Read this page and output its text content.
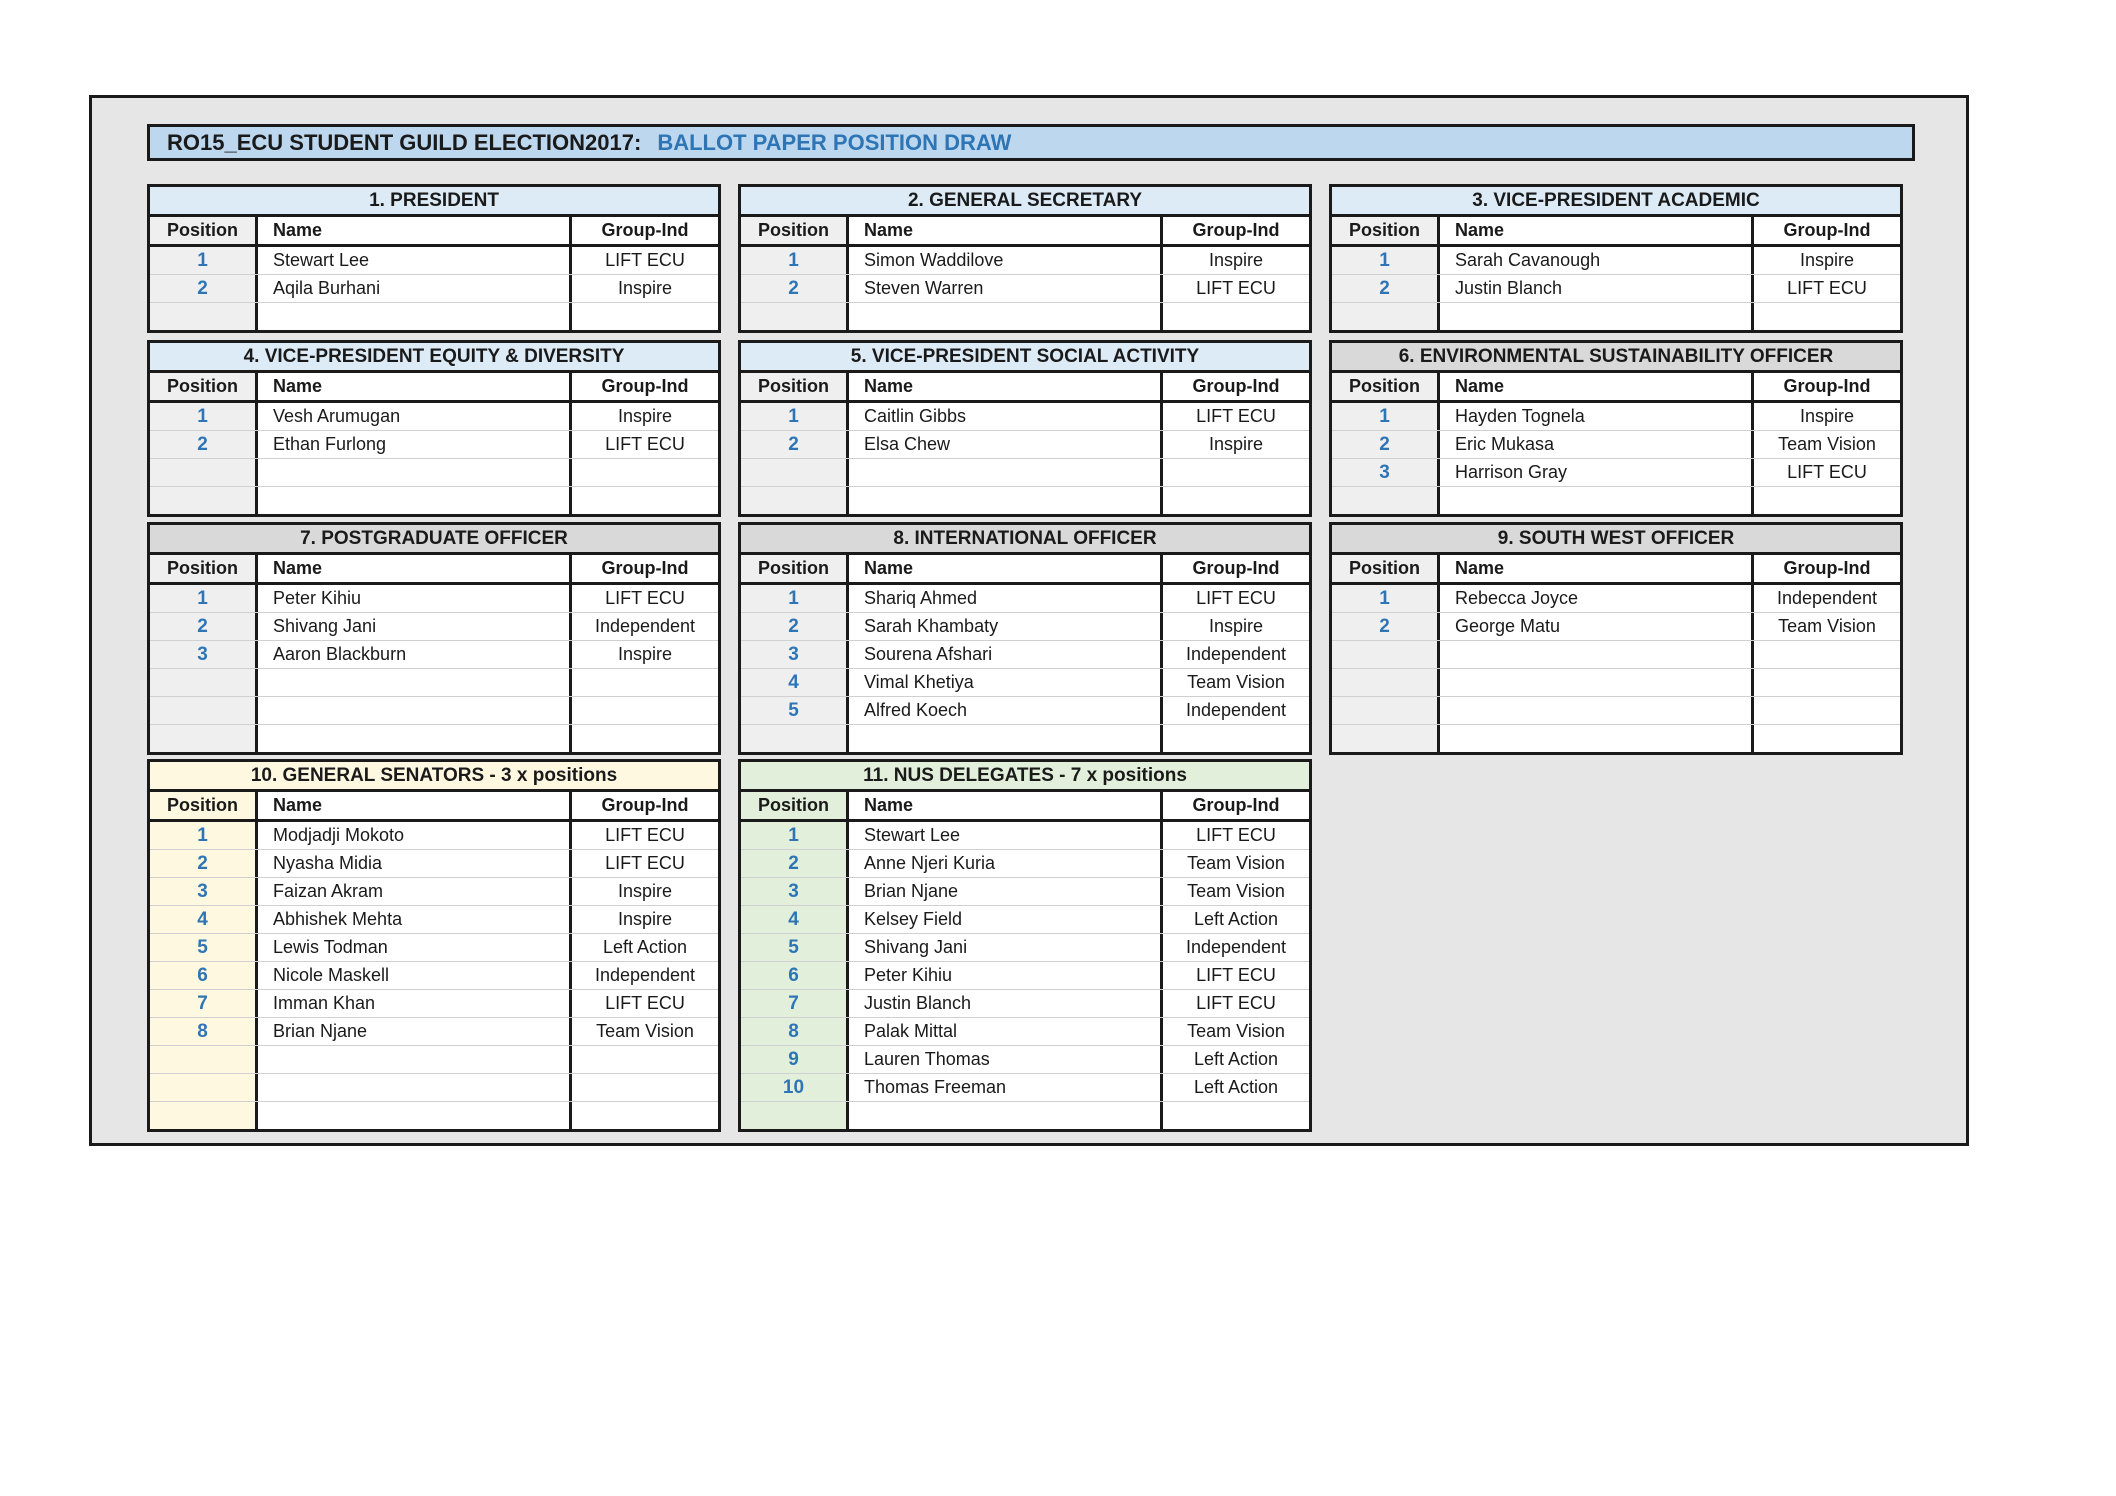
RO15_ECU STUDENT GUILD ELECTION2017: BALLOT PAPER POSITION DRAW
1. PRESIDENT
Position	Name	Group-Ind
1	Stewart Lee	LIFT ECU
2	Aqila Burhani	Inspire
2. GENERAL SECRETARY
Position	Name	Group-Ind
1	Simon Waddilove	Inspire
2	Steven Warren	LIFT ECU
3. VICE-PRESIDENT ACADEMIC
Position	Name	Group-Ind
1	Sarah Cavanough	Inspire
2	Justin Blanch	LIFT ECU
4. VICE-PRESIDENT EQUITY & DIVERSITY
Position	Name	Group-Ind
1	Vesh Arumugan	Inspire
2	Ethan Furlong	LIFT ECU
5. VICE-PRESIDENT SOCIAL ACTIVITY
Position	Name	Group-Ind
1	Caitlin Gibbs	LIFT ECU
2	Elsa Chew	Inspire
6. ENVIRONMENTAL SUSTAINABILITY OFFICER
Position	Name	Group-Ind
1	Hayden Tognela	Inspire
2	Eric Mukasa	Team Vision
3	Harrison Gray	LIFT ECU
7. POSTGRADUATE OFFICER
Position	Name	Group-Ind
1	Peter Kihiu	LIFT ECU
2	Shivang Jani	Independent
3	Aaron Blackburn	Inspire
8. INTERNATIONAL OFFICER
Position	Name	Group-Ind
1	Shariq Ahmed	LIFT ECU
2	Sarah Khambaty	Inspire
3	Sourena Afshari	Independent
4	Vimal Khetiya	Team Vision
5	Alfred Koech	Independent
9. SOUTH WEST OFFICER
Position	Name	Group-Ind
1	Rebecca Joyce	Independent
2	George Matu	Team Vision
10. GENERAL SENATORS - 3 x positions
Position	Name	Group-Ind
1	Modjadji Mokoto	LIFT ECU
2	Nyasha Midia	LIFT ECU
3	Faizan Akram	Inspire
4	Abhishek Mehta	Inspire
5	Lewis Todman	Left Action
6	Nicole Maskell	Independent
7	Imman Khan	LIFT ECU
8	Brian Njane	Team Vision
11. NUS DELEGATES - 7 x positions
Position	Name	Group-Ind
1	Stewart Lee	LIFT ECU
2	Anne Njeri Kuria	Team Vision
3	Brian Njane	Team Vision
4	Kelsey Field	Left Action
5	Shivang Jani	Independent
6	Peter Kihiu	LIFT ECU
7	Justin Blanch	LIFT ECU
8	Palak Mittal	Team Vision
9	Lauren Thomas	Left Action
10	Thomas Freeman	Left Action
